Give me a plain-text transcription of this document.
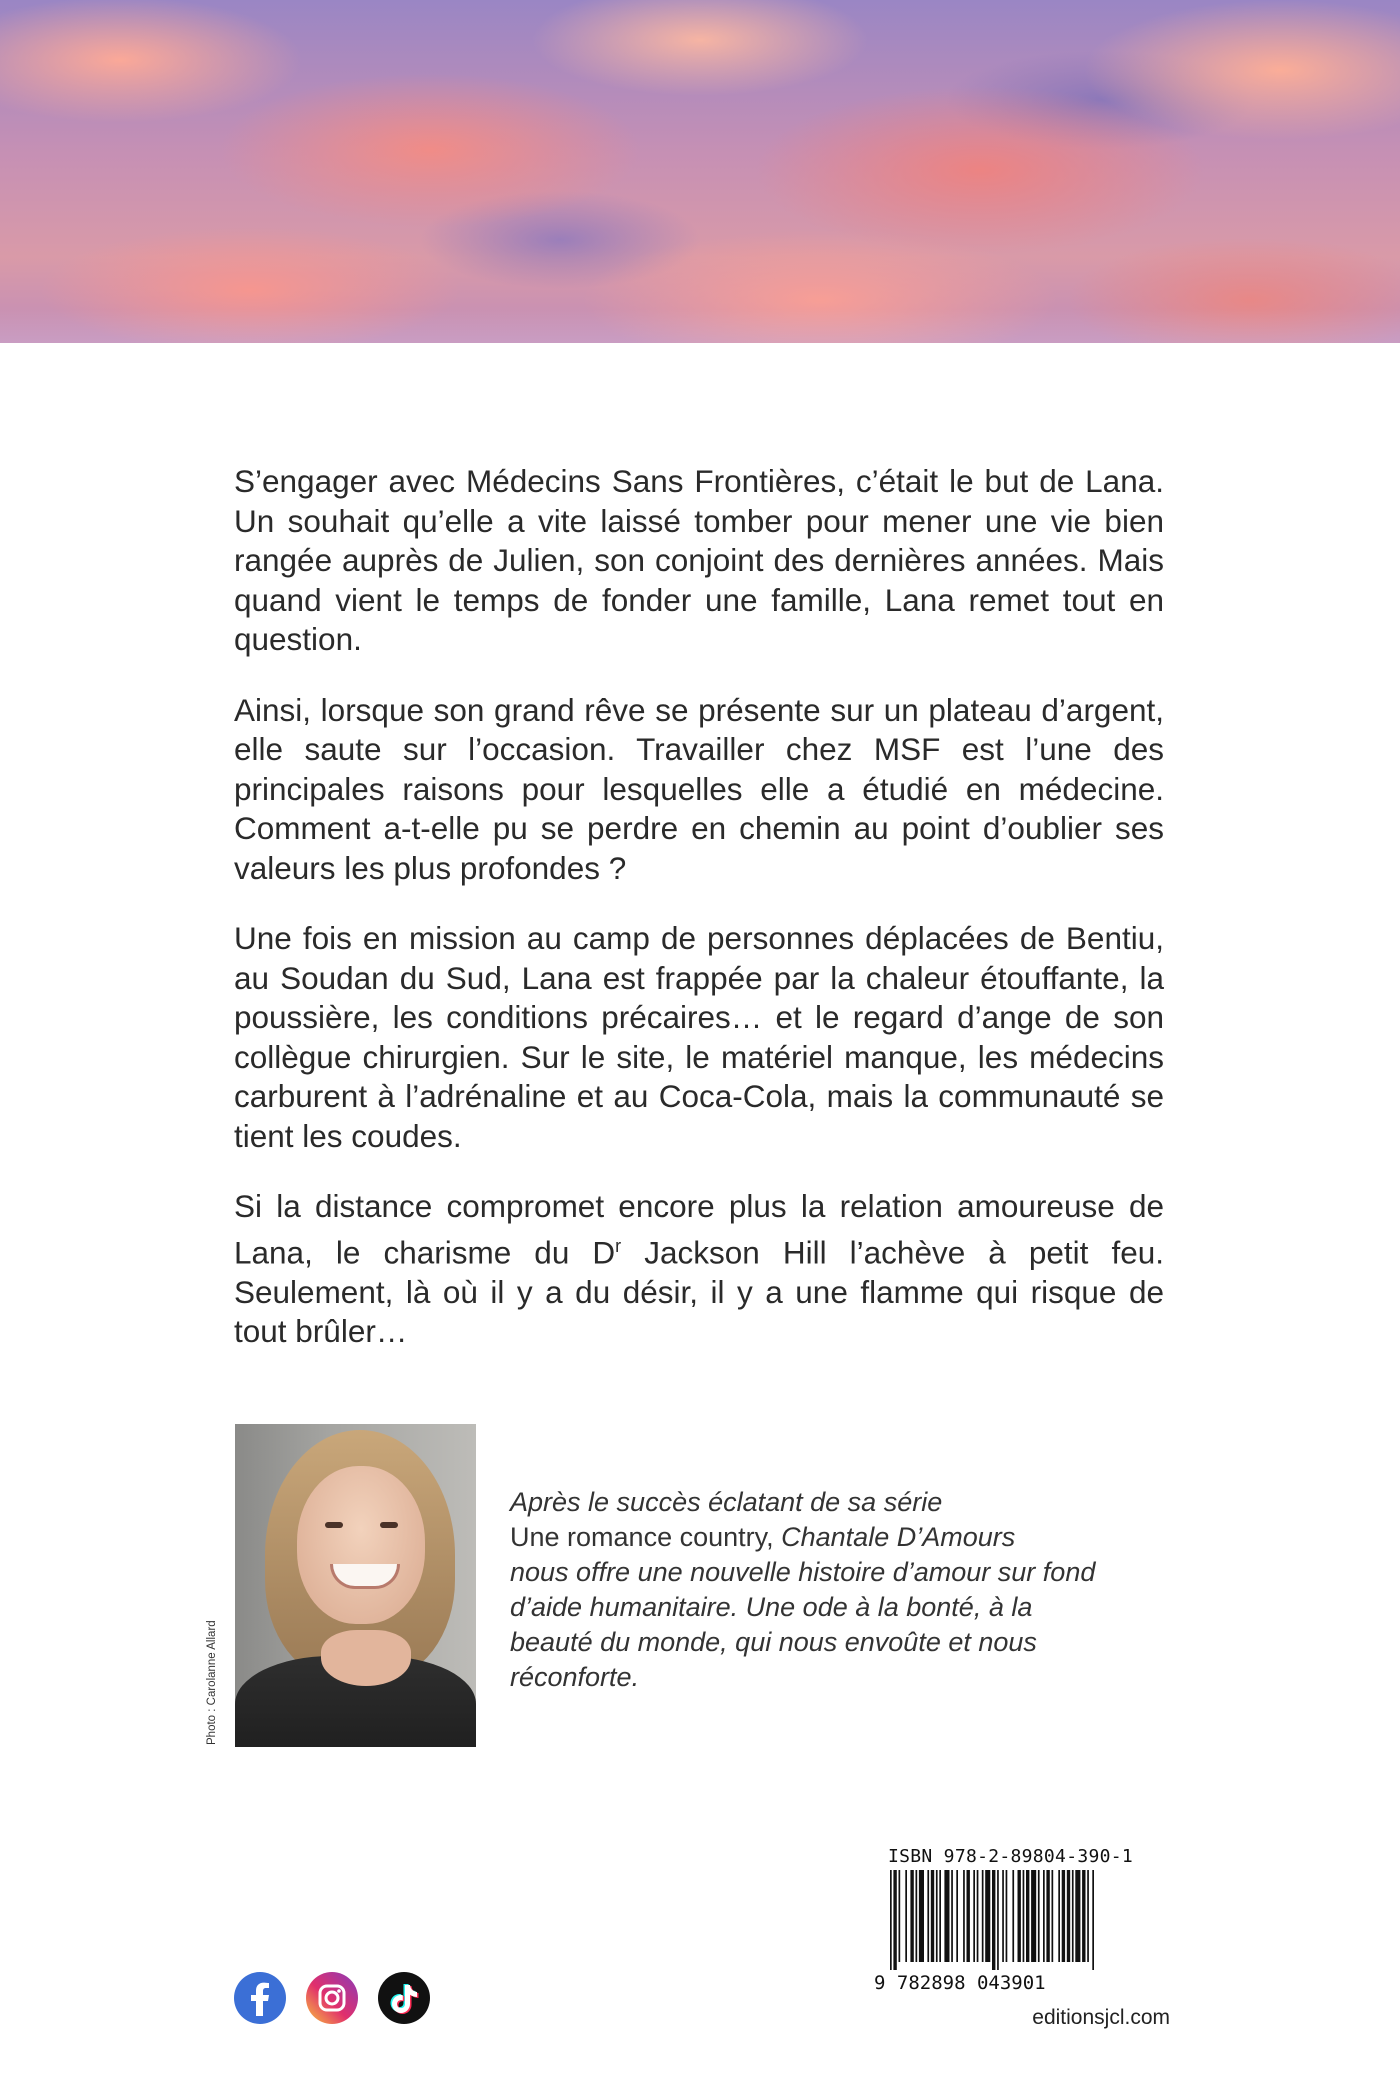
S’engager avec Médecins Sans Frontières, c’était le but de Lana. Un souhait qu’elle a vite laissé tomber pour mener une vie bien rangée auprès de Julien, son conjoint des dernières années. Mais quand vient le temps de fonder une famille, Lana remet tout en question.

Ainsi, lorsque son grand rêve se présente sur un plateau d’argent, elle saute sur l’occasion. Travailler chez MSF est l’une des principales raisons pour lesquelles elle a étudié en médecine. Comment a-t-elle pu se perdre en chemin au point d’oublier ses valeurs les plus profondes ?

Une fois en mission au camp de personnes déplacées de Bentiu, au Soudan du Sud, Lana est frappée par la chaleur étouffante, la poussière, les conditions précaires… et le regard d’ange de son collègue chirurgien. Sur le site, le matériel manque, les médecins carburent à l’adrénaline et au Coca-Cola, mais la communauté se tient les coudes.

Si la distance compromet encore plus la relation amoureuse de Lana, le charisme du $D^r$ Jackson Hill l’achève à petit feu. Seulement, là où il y a du désir, il y a une flamme qui risque de tout brûler…

Photo : Carolanne Allard
Après le succès éclatant de sa série
Une romance country, Chantale D’Amours
nous offre une nouvelle histoire d’amour sur fond d’aide humanitaire. Une ode à la bonté, à la beauté du monde, qui nous envoûte et nous réconforte.
ISBN 978-2-89804-390-1
9 782898 043901
editionsjcl.com
